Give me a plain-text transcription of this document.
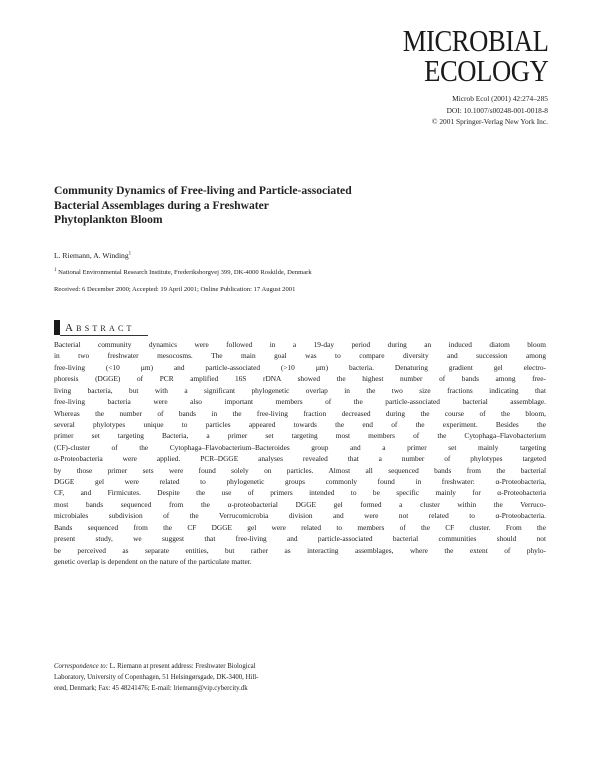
MICROBIAL
ECOLOGY
Microb Ecol (2001) 42:274–285
DOI: 10.1007/s00248-001-0018-8
© 2001 Springer-Verlag New York Inc.
Community Dynamics of Free-living and Particle-associated
Bacterial Assemblages during a Freshwater
Phytoplankton Bloom
L. Riemann, A. Winding$^1$
$^1$ National Environmental Research Institute, Frederiksborgvej 399, DK-4000 Roskilde, Denmark
Received: 6 December 2000; Accepted: 19 April 2001; Online Publication: 17 August 2001
ABSTRACT
Bacterial community dynamics were followed in a 19-day period during an induced diatom bloom
in two freshwater mesocosms. The main goal was to compare diversity and succession among
free-living (<10 µm) and particle-associated (>10 µm) bacteria. Denaturing gradient gel electro-
phoresis (DGGE) of PCR amplified 16S rDNA showed the highest number of bands among free-
living bacteria, but with a significant phylogenetic overlap in the two size fractions indicating that
free-living bacteria were also important members of the particle-associated bacterial assemblage.
Whereas the number of bands in the free-living fraction decreased during the course of the bloom,
several phylotypes unique to particles appeared towards the end of the experiment. Besides the
primer set targeting Bacteria, a primer set targeting most members of the Cytophaga–Flavobacterium
(CF)-cluster of the Cytophaga–Flavobacterium–Bacteroides group and a primer set mainly targeting
α-Proteobacteria were applied. PCR–DGGE analyses revealed that a number of phylotypes targeted
by those primer sets were found solely on particles. Almost all sequenced bands from the bacterial
DGGE gel were related to phylogenetic groups commonly found in freshwater: α-Proteobacteria,
CF, and Firmicutes. Despite the use of primers intended to be specific mainly for α-Proteobacteria
most bands sequenced from the α-proteobacterial DGGE gel formed a cluster within the Verruco-
microbiales subdivision of the Verrucomicrobia division and were not related to α-Proteobacteria.
Bands sequenced from the CF DGGE gel were related to members of the CF cluster. From the
present study, we suggest that free-living and particle-associated bacterial communities should not
be perceived as separate entities, but rather as interacting assemblages, where the extent of phylo-
genetic overlap is dependent on the nature of the particulate matter.
Correspondence to: L. Riemann at present address: Freshwater Biological
Laboratory, University of Copenhagen, 51 Helsingørsgade, DK-3400, Hill-
erød, Denmark; Fax: 45 48241476; E-mail: lriemann@vip.cybercity.dk
